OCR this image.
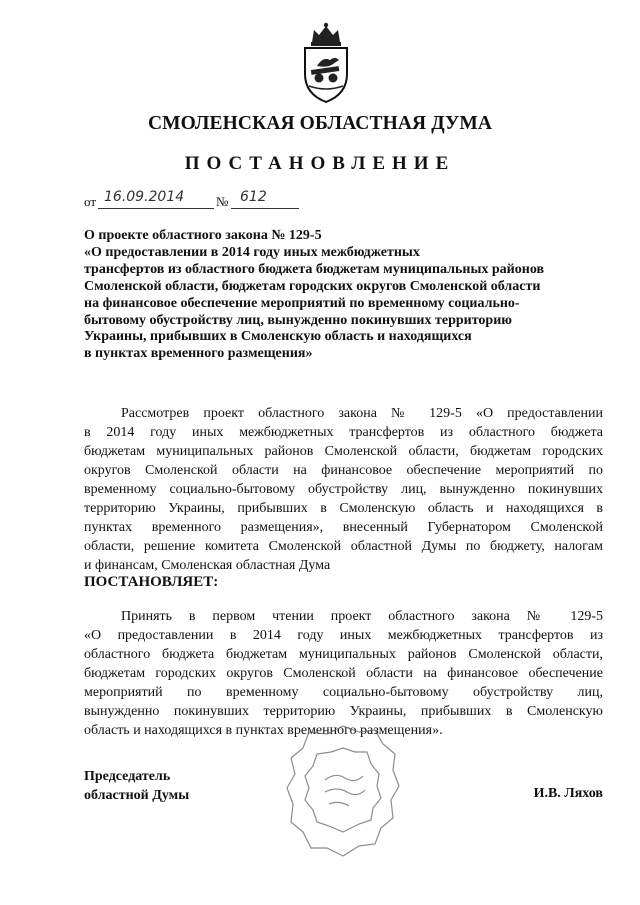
СМОЛЕНСКАЯ ОБЛАСТНАЯ ДУМА
ПОСТАНОВЛЕНИЕ
от 16.09.2014 № 612
О проекте областного закона № 129-5
«О предоставлении в 2014 году иных межбюджетных
трансфертов из областного бюджета бюджетам муниципальных районов
Смоленской области, бюджетам городских округов Смоленской области
на финансовое обеспечение мероприятий по временному социально-
бытовому обустройству лиц, вынужденно покинувших территорию
Украины, прибывших в Смоленскую область и находящихся
в пунктах временного размещения»
Рассмотрев проект областного закона № 129-5 «О предоставлении
в 2014 году иных межбюджетных трансфертов из областного бюджета
бюджетам муниципальных районов Смоленской области, бюджетам городских
округов Смоленской области на финансовое обеспечение мероприятий по
временному социально-бытовому обустройству лиц, вынужденно покинувших
территорию Украины, прибывших в Смоленскую область и находящихся в
пунктах временного размещения», внесенный Губернатором Смоленской
области, решение комитета Смоленской областной Думы по бюджету, налогам
и финансам, Смоленская областная Дума
ПОСТАНОВЛЯЕТ:
Принять в первом чтении проект областного закона № 129-5
«О предоставлении в 2014 году иных межбюджетных трансфертов из
областного бюджета бюджетам муниципальных районов Смоленской области,
бюджетам городских округов Смоленской области на финансовое обеспечение
мероприятий по временному социально-бытовому обустройству лиц,
вынужденно покинувших территорию Украины, прибывших в Смоленскую
область и находящихся в пунктах временного размещения».
Председатель
областной Думы	И.В. Ляхов
